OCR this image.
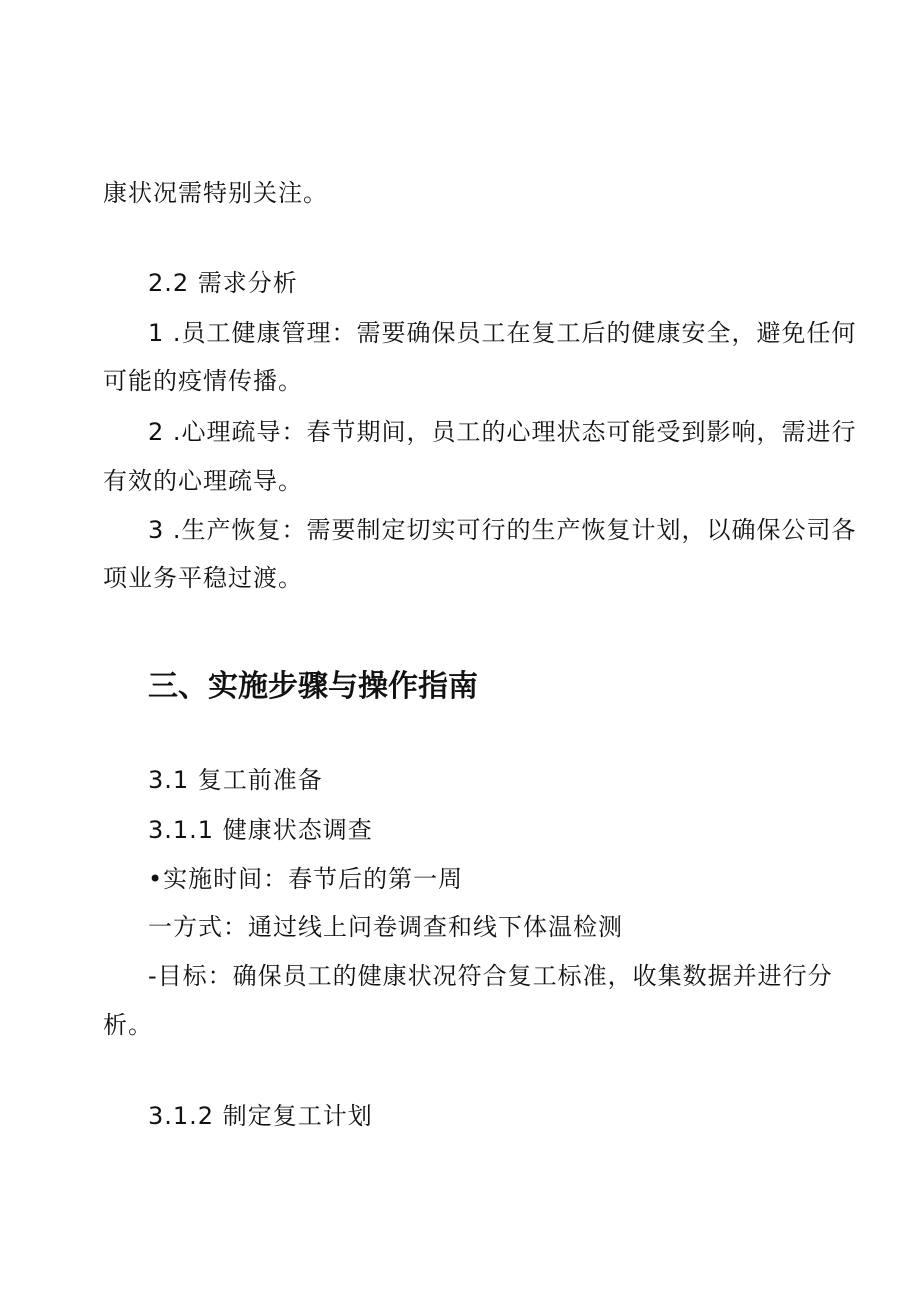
康状况需特别关注。
2.2 需求分析
1 .员工健康管理：需要确保员工在复工后的健康安全，避免任何
可能的疫情传播。
2 .心理疏导：春节期间，员工的心理状态可能受到影响，需进行
有效的心理疏导。
3 .生产恢复：需要制定切实可行的生产恢复计划，以确保公司各
项业务平稳过渡。
三、实施步骤与操作指南
3.1 复工前准备
3.1.1 健康状态调查
•实施时间：春节后的第一周
一方式：通过线上问卷调查和线下体温检测
-目标：确保员工的健康状况符合复工标准，收集数据并进行分
析。
3.1.2 制定复工计划
